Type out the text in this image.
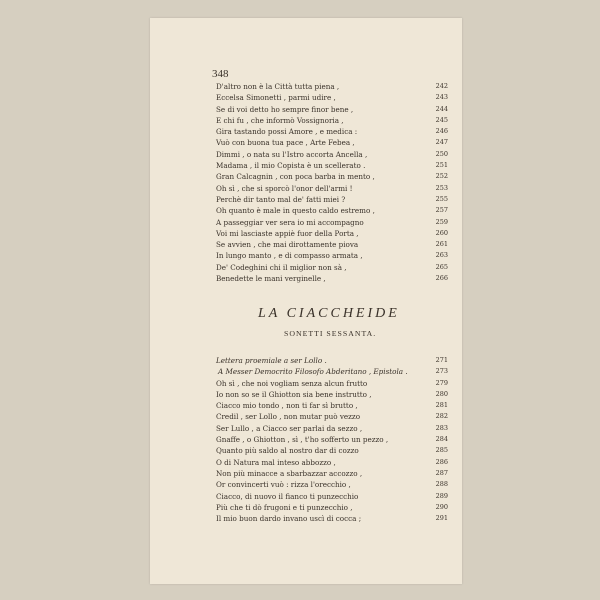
348
D'altro non è la Città tutta piena ,	242
Eccelsa Simonetti , parmi udire ,	243
Se di voi detto ho sempre finor bene ,	244
E chi fu , che informò Vossignoria ,	245
Gira tastando possi Amore , e medica :	246
Vuò con buona tua pace , Arte Febea ,	247
Dimmi , o nata su l'Istro accorta Ancella ,	250
Madama , il mio Copista è un scellerato .	251
Gran Calcagnin , con poca barba in mento ,	252
Oh sì , che si sporcò l'onor dell'armi !	253
Perchè dir tanto mal de' fatti miei ?	255
Oh quanto è male in questo caldo estremo ,	257
A passeggiar ver sera io mi accompagno	259
Voi mi lasciaste appiè fuor della Porta ,	260
Se avvien , che mai dirottamente piova	261
In lungo manto , e di compasso armata ,	263
De' Codeghini chi il miglior non sà ,	265
Benedette le mani verginelle ,	266
LA CIACCHEIDE
SONETTI SESSANTA.
Lettera proemiale a ser Lollo .	271
A Messer Democrito Filosofo Abderitano , Epistola .	273
Oh sì , che noi vogliam senza alcun frutto	279
Io non so se il Ghiotton sia bene instrutto ,	280
Ciacco mio tondo , non ti far sì brutto ,	281
Credil , ser Lollo , non mutar può vezzo	282
Ser Lullo , a Ciacco ser parlai da sezzo ,	283
Gnaffe , o Ghiotton , sì , t'ho sofferto un pezzo ,	284
Quanto più saldo al nostro dar di cozzo	285
O di Natura mal inteso abbozzo ,	286
Non più minacce a sbarbazzar accozzo ,	287
Or convincerti vuò : rizza l'orecchio ,	288
Ciacco, di nuovo il fianco ti punzecchio	289
Più che ti dò frugoni e ti punzecchio ,	290
Il mio buon dardo invano uscì di cocca ;	291
